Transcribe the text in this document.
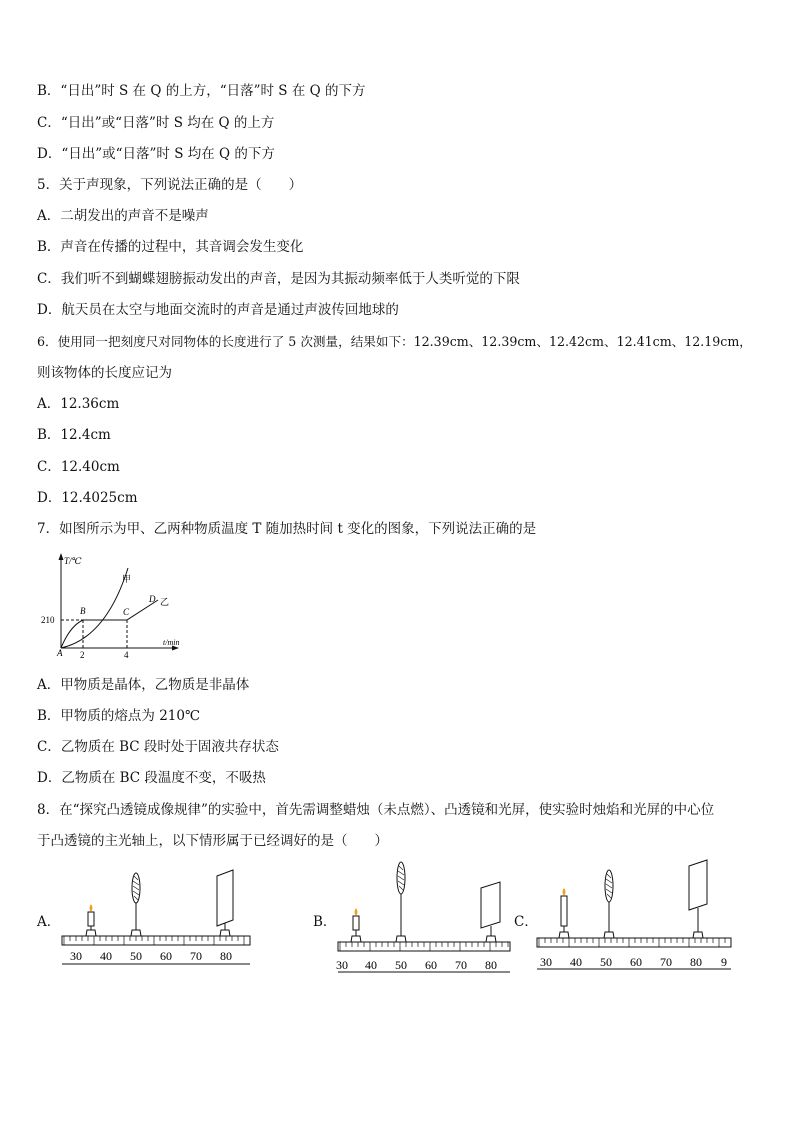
B．“日出”时 S 在 Q 的上方，“日落”时 S 在 Q 的下方
C．“日出”或“日落”时 S 均在 Q 的上方
D．“日出”或“日落”时 S 均在 Q 的下方
5．关于声现象，下列说法正确的是（　　）
A．二胡发出的声音不是噪声
B．声音在传播的过程中，其音调会发生变化
C．我们听不到蝴蝶翅膀振动发出的声音，是因为其振动频率低于人类听觉的下限
D．航天员在太空与地面交流时的声音是通过声波传回地球的
6．使用同一把刻度尺对同物体的长度进行了 5 次测量，结果如下：12.39cm、12.39cm、12.42cm、12.41cm、12.19cm，
则该物体的长度应记为
A．12.36cm
B．12.4cm
C．12.40cm
D．12.4025cm
7．如图所示为甲、乙两种物质温度 T 随加热时间 t 变化的图象，下列说法正确的是
T/℃
t/min
210
2	4
A
B	C
D
甲
乙
A．甲物质是晶体，乙物质是非晶体
B．甲物质的熔点为 210℃
C．乙物质在 BC 段时处于固液共存状态
D．乙物质在 BC 段温度不变，不吸热
8．在“探究凸透镜成像规律”的实验中，首先需调整蜡烛（未点燃）、凸透镜和光屏，使实验时烛焰和光屏的中心位
于凸透镜的主光轴上，以下情形属于已经调好的是（　　）
A．	B．	C．
30 40 50 60 70 80
30 40 50 60 70 80	30 40 50 60 70 80 9
